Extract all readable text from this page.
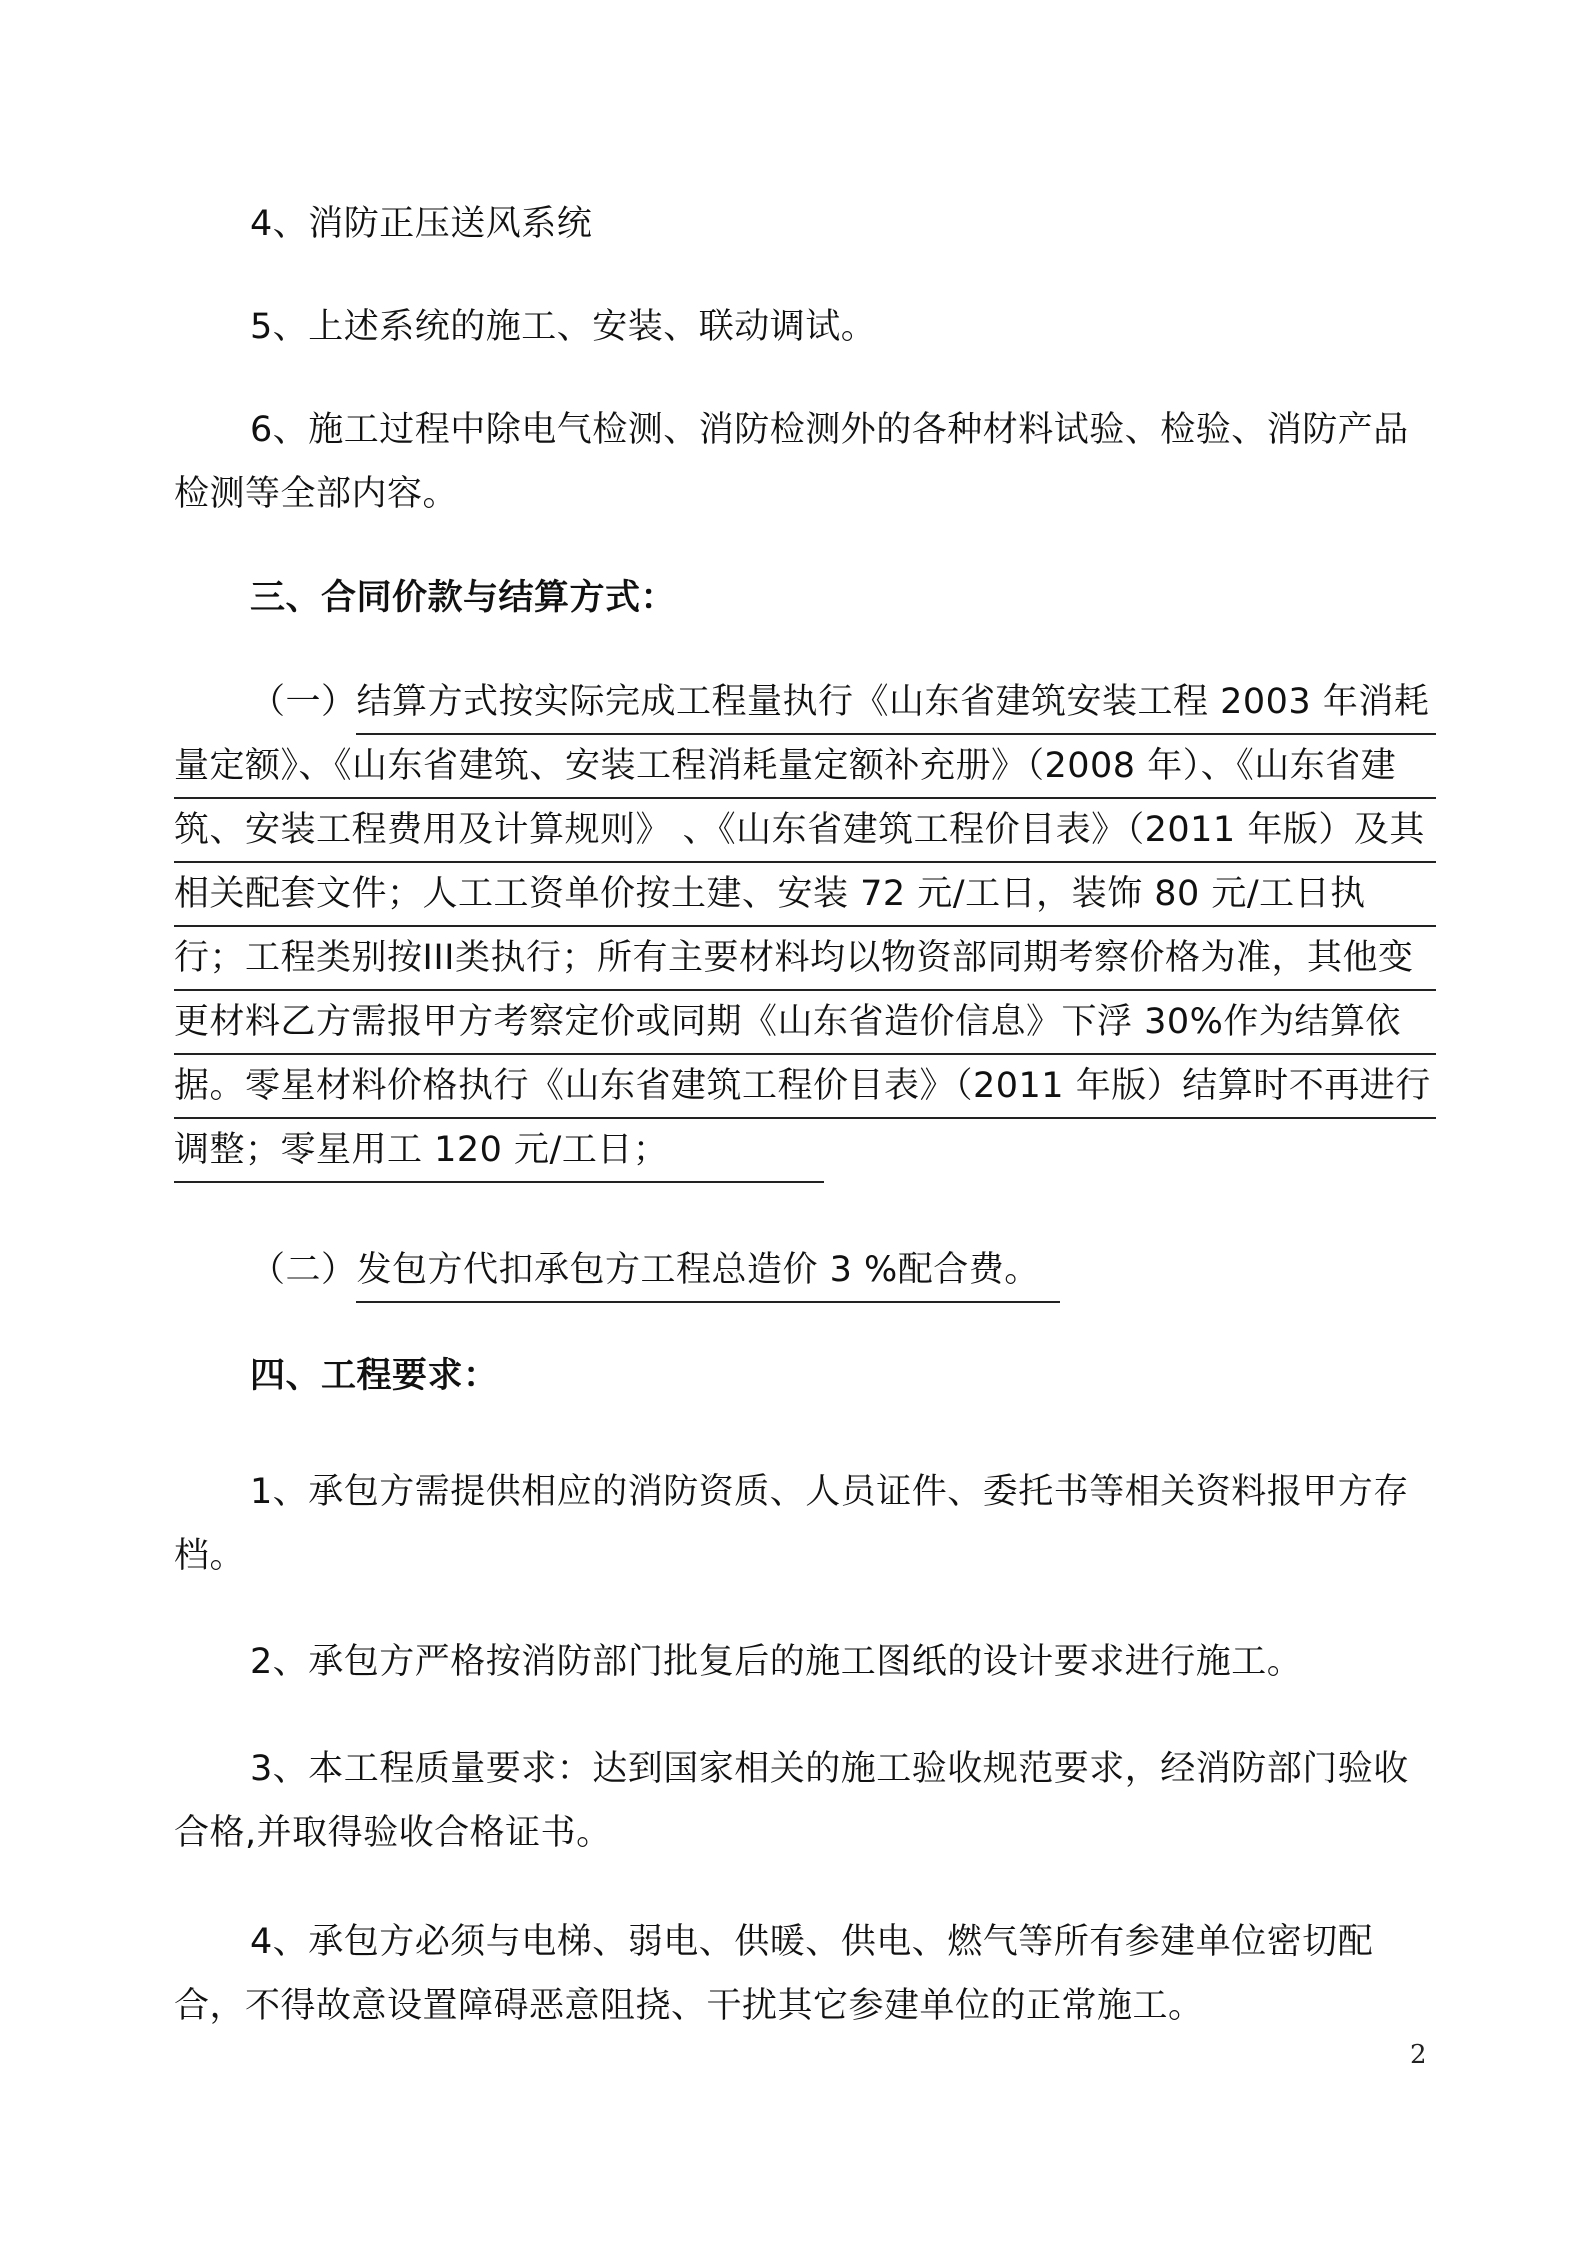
4、消防正压送风系统

5、上述系统的施工、安装、联动调试。

6、施工过程中除电气检测、消防检测外的各种材料试验、检验、消防产品检测等全部内容。

三、合同价款与结算方式：

（一）结算方式按实际完成工程量执行《山东省建筑安装工程 2003 年消耗量定额》、《山东省建筑、安装工程消耗量定额补充册》（2008 年）、《山东省建筑、安装工程费用及计算规则》 、《山东省建筑工程价目表》（2011 年版）及其相关配套文件；人工工资单价按土建、安装 72 元/工日，装饰 80 元/工日执行；工程类别按III类执行；所有主要材料均以物资部同期考察价格为准，其他变更材料乙方需报甲方考察定价或同期《山东省造价信息》下浮 30%作为结算依据。零星材料价格执行《山东省建筑工程价目表》（2011 年版）结算时不再进行调整；零星用工 120 元/工日；

（二）发包方代扣承包方工程总造价 3 %配合费。

四、工程要求：

1、承包方需提供相应的消防资质、人员证件、委托书等相关资料报甲方存档。

2、承包方严格按消防部门批复后的施工图纸的设计要求进行施工。

3、本工程质量要求：达到国家相关的施工验收规范要求，经消防部门验收合格,并取得验收合格证书。

4、承包方必须与电梯、弱电、供暖、供电、燃气等所有参建单位密切配合，不得故意设置障碍恶意阻挠、干扰其它参建单位的正常施工。

2
